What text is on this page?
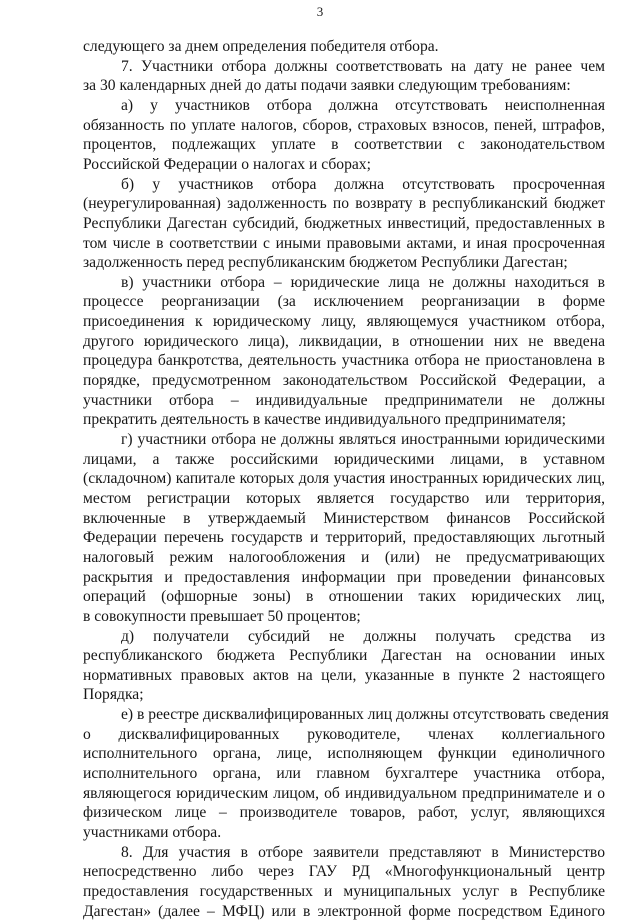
3
следующего за днем определения победителя отбора.
7. Участники отбора должны соответствовать на дату не ранее чем
за 30 календарных дней до даты подачи заявки следующим требованиям:
а) у участников отбора должна отсутствовать неисполненная
обязанность по уплате налогов, сборов, страховых взносов, пеней, штрафов,
процентов, подлежащих уплате в соответствии с законодательством
Российской Федерации о налогах и сборах;
б) у участников отбора должна отсутствовать просроченная
(неурегулированная) задолженность по возврату в республиканский бюджет
Республики Дагестан субсидий, бюджетных инвестиций, предоставленных в
том числе в соответствии с иными правовыми актами, и иная просроченная
задолженность перед республиканским бюджетом Республики Дагестан;
в) участники отбора – юридические лица не должны находиться в
процессе реорганизации (за исключением реорганизации в форме
присоединения к юридическому лицу, являющемуся участником отбора,
другого юридического лица), ликвидации, в отношении них не введена
процедура банкротства, деятельность участника отбора не приостановлена в
порядке, предусмотренном законодательством Российской Федерации, а
участники отбора – индивидуальные предприниматели не должны
прекратить деятельность в качестве индивидуального предпринимателя;
г) участники отбора не должны являться иностранными юридическими
лицами, а также российскими юридическими лицами, в уставном
(складочном) капитале которых доля участия иностранных юридических лиц,
местом регистрации которых является государство или территория,
включенные в утверждаемый Министерством финансов Российской
Федерации перечень государств и территорий, предоставляющих льготный
налоговый режим налогообложения и (или) не предусматривающих
раскрытия и предоставления информации при проведении финансовых
операций (офшорные зоны) в отношении таких юридических лиц,
в совокупности превышает 50 процентов;
д) получатели субсидий не должны получать средства из
республиканского бюджета Республики Дагестан на основании иных
нормативных правовых актов на цели, указанные в пункте 2 настоящего
Порядка;
е) в реестре дисквалифицированных лиц должны отсутствовать сведения
о дисквалифицированных руководителе, членах коллегиального
исполнительного органа, лице, исполняющем функции единоличного
исполнительного органа, или главном бухгалтере участника отбора,
являющегося юридическим лицом, об индивидуальном предпринимателе и о
физическом лице – производителе товаров, работ, услуг, являющихся
участниками отбора.
8. Для участия в отборе заявители представляют в Министерство
непосредственно либо через ГАУ РД «Многофункциональный центр
предоставления государственных и муниципальных услуг в Республике
Дагестан» (далее – МФЦ) или в электронной форме посредством Единого
